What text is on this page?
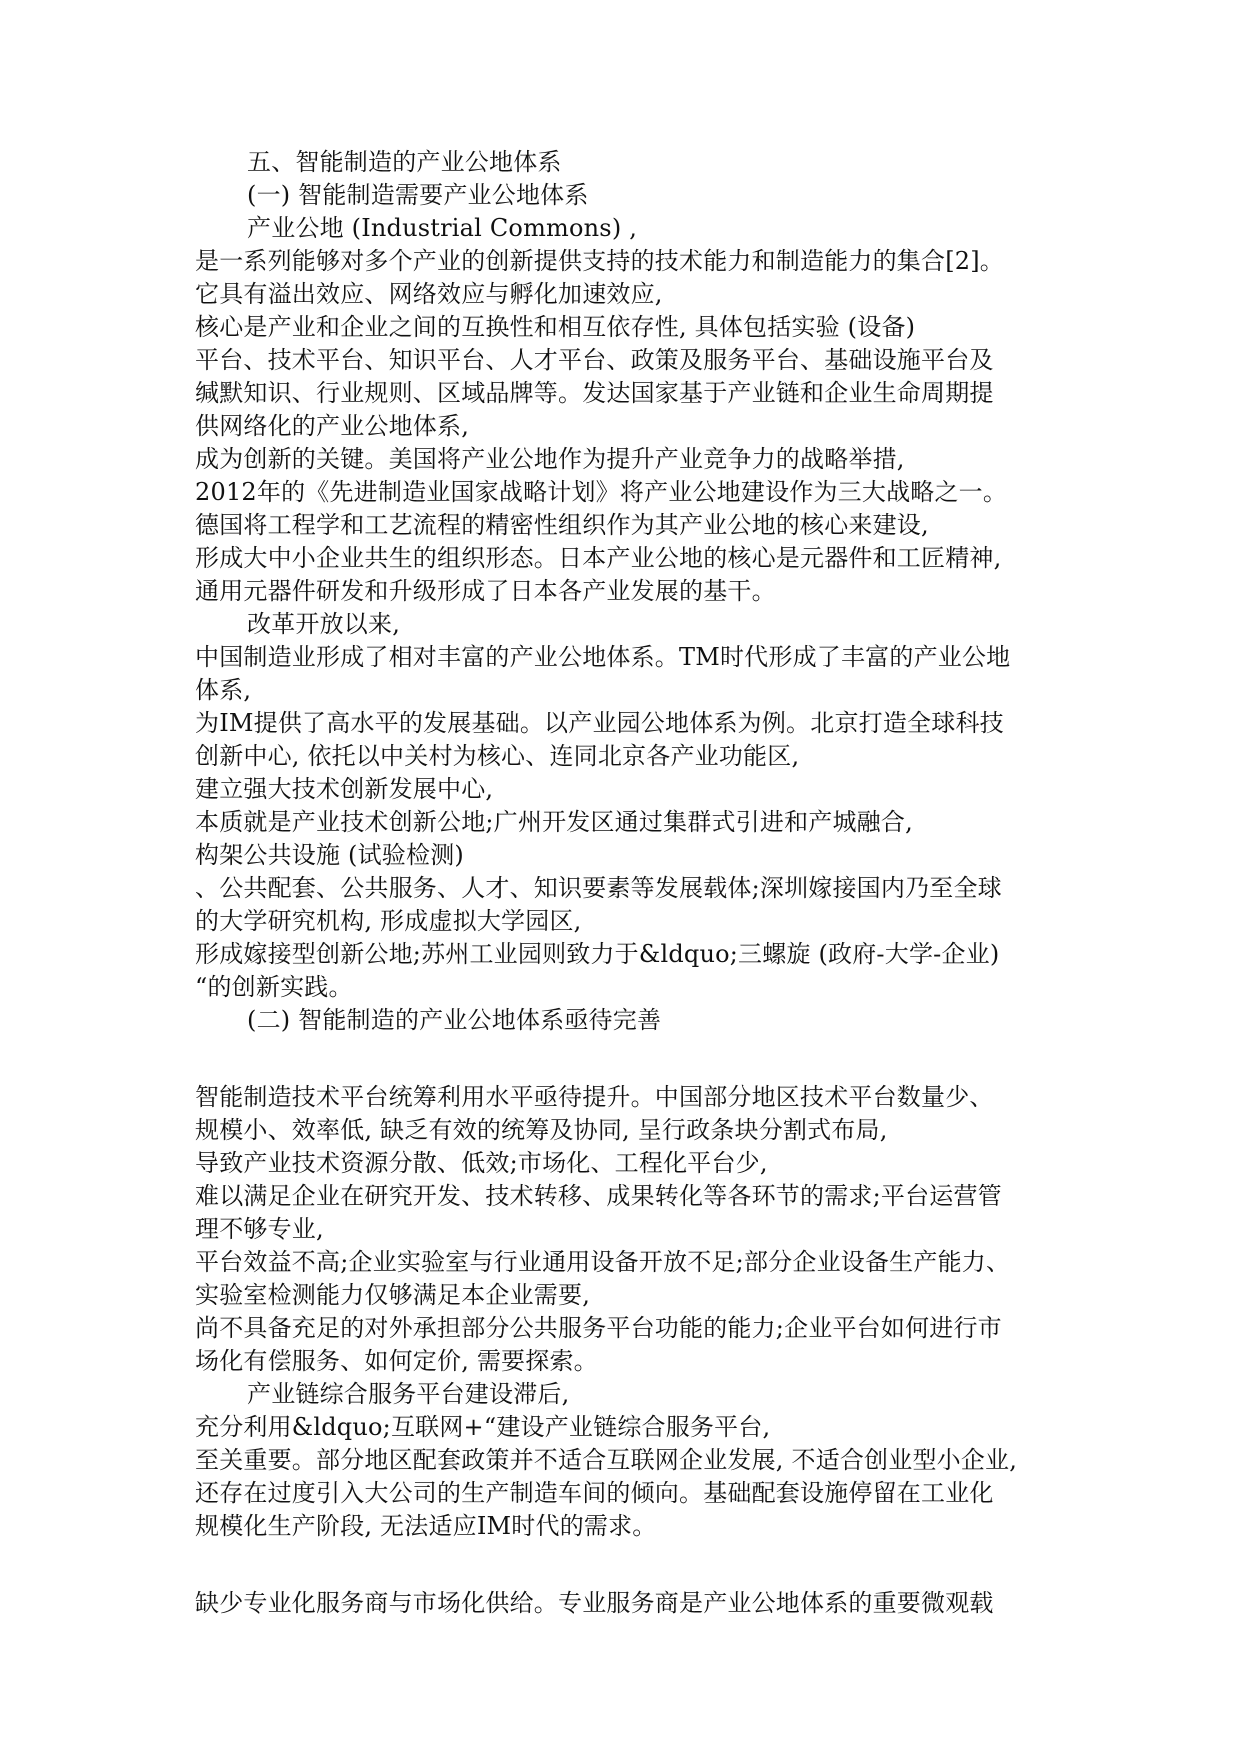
五、智能制造的产业公地体系
(一) 智能制造需要产业公地体系
产业公地 (Industrial Commons) ,
是一系列能够对多个产业的创新提供支持的技术能力和制造能力的集合[2]。
它具有溢出效应、网络效应与孵化加速效应,
核心是产业和企业之间的互换性和相互依存性, 具体包括实验 (设备)
平台、技术平台、知识平台、人才平台、政策及服务平台、基础设施平台及
缄默知识、行业规则、区域品牌等。发达国家基于产业链和企业生命周期提
供网络化的产业公地体系,
成为创新的关键。美国将产业公地作为提升产业竞争力的战略举措,
2012年的《先进制造业国家战略计划》将产业公地建设作为三大战略之一。
德国将工程学和工艺流程的精密性组织作为其产业公地的核心来建设,
形成大中小企业共生的组织形态。日本产业公地的核心是元器件和工匠精神,
通用元器件研发和升级形成了日本各产业发展的基干。
改革开放以来,
中国制造业形成了相对丰富的产业公地体系。TM时代形成了丰富的产业公地
体系,
为IM提供了高水平的发展基础。以产业园公地体系为例。北京打造全球科技
创新中心, 依托以中关村为核心、连同北京各产业功能区,
建立强大技术创新发展中心,
本质就是产业技术创新公地;广州开发区通过集群式引进和产城融合,
构架公共设施 (试验检测)
、公共配套、公共服务、人才、知识要素等发展载体;深圳嫁接国内乃至全球
的大学研究机构, 形成虚拟大学园区,
形成嫁接型创新公地;苏州工业园则致力于&ldquo;三螺旋 (政府-大学-企业)
“的创新实践。
(二) 智能制造的产业公地体系亟待完善
智能制造技术平台统筹利用水平亟待提升。中国部分地区技术平台数量少、
规模小、效率低, 缺乏有效的统筹及协同, 呈行政条块分割式布局,
导致产业技术资源分散、低效;市场化、工程化平台少,
难以满足企业在研究开发、技术转移、成果转化等各环节的需求;平台运营管
理不够专业,
平台效益不高;企业实验室与行业通用设备开放不足;部分企业设备生产能力、
实验室检测能力仅够满足本企业需要,
尚不具备充足的对外承担部分公共服务平台功能的能力;企业平台如何进行市
场化有偿服务、如何定价, 需要探索。
产业链综合服务平台建设滞后,
充分利用&ldquo;互联网+“建设产业链综合服务平台,
至关重要。部分地区配套政策并不适合互联网企业发展, 不适合创业型小企业,
还存在过度引入大公司的生产制造车间的倾向。基础配套设施停留在工业化
规模化生产阶段, 无法适应IM时代的需求。
缺少专业化服务商与市场化供给。专业服务商是产业公地体系的重要微观载
